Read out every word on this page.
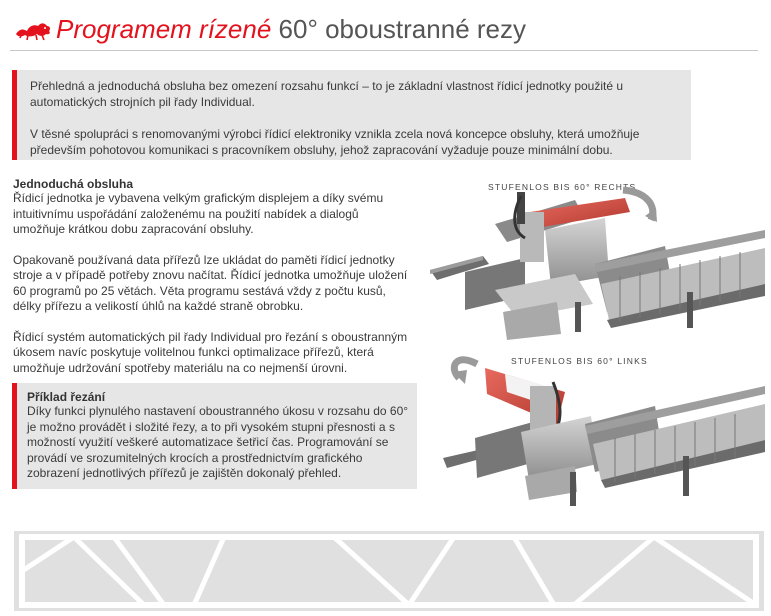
Programem rízené 60° oboustranné rezy

Přehledná a jednoduchá obsluha bez omezení rozsahu funkcí – to je základní vlastnost řídicí jednotky použité u automatických strojních pil řady Individual.

V těsné spolupráci s renomovanými výrobci řídicí elektroniky vznikla zcela nová koncepce obsluhy, která umožňuje především pohotovou komunikaci s pracovníkem obsluhy, jehož zapracování vyžaduje pouze minimální dobu.

Jednoduchá obsluha

Řídicí jednotka je vybavena velkým grafickým displejem a díky svému intuitivnímu uspořádání založenému na použití nabídek a dialogů umožňuje krátkou dobu zapracování obsluhy.

Opakovaně používaná data přířezů lze ukládat do paměti řídicí jednotky stroje a v případě potřeby znovu načítat. Řídicí jednotka umožňuje uložení 60 programů po 25 větách. Věta programu sestává vždy z počtu kusů, délky přířezu a velikostí úhlů na každé straně obrobku.

Řídicí systém automatických pil řady Individual pro řezání s oboustranným úkosem navíc poskytuje volitelnou funkci optimalizace přířezů, která umožňuje udržování spotřeby materiálu na co nejmenší úrovni.

Příklad řezání

Díky funkci plynulého nastavení oboustranného úkosu v rozsahu do 60° je možno provádět i složité řezy, a to při vysokém stupni přesnosti a s možností využití veškeré automatizace šetřicí čas. Programování se provádí ve srozumitelných krocích a prostřednictvím grafického zobrazení jednotlivých přířezů je zajištěn dokonalý přehled.

STUFENLOS BIS 60° RECHTS
STUFENLOS BIS 60° LINKS
